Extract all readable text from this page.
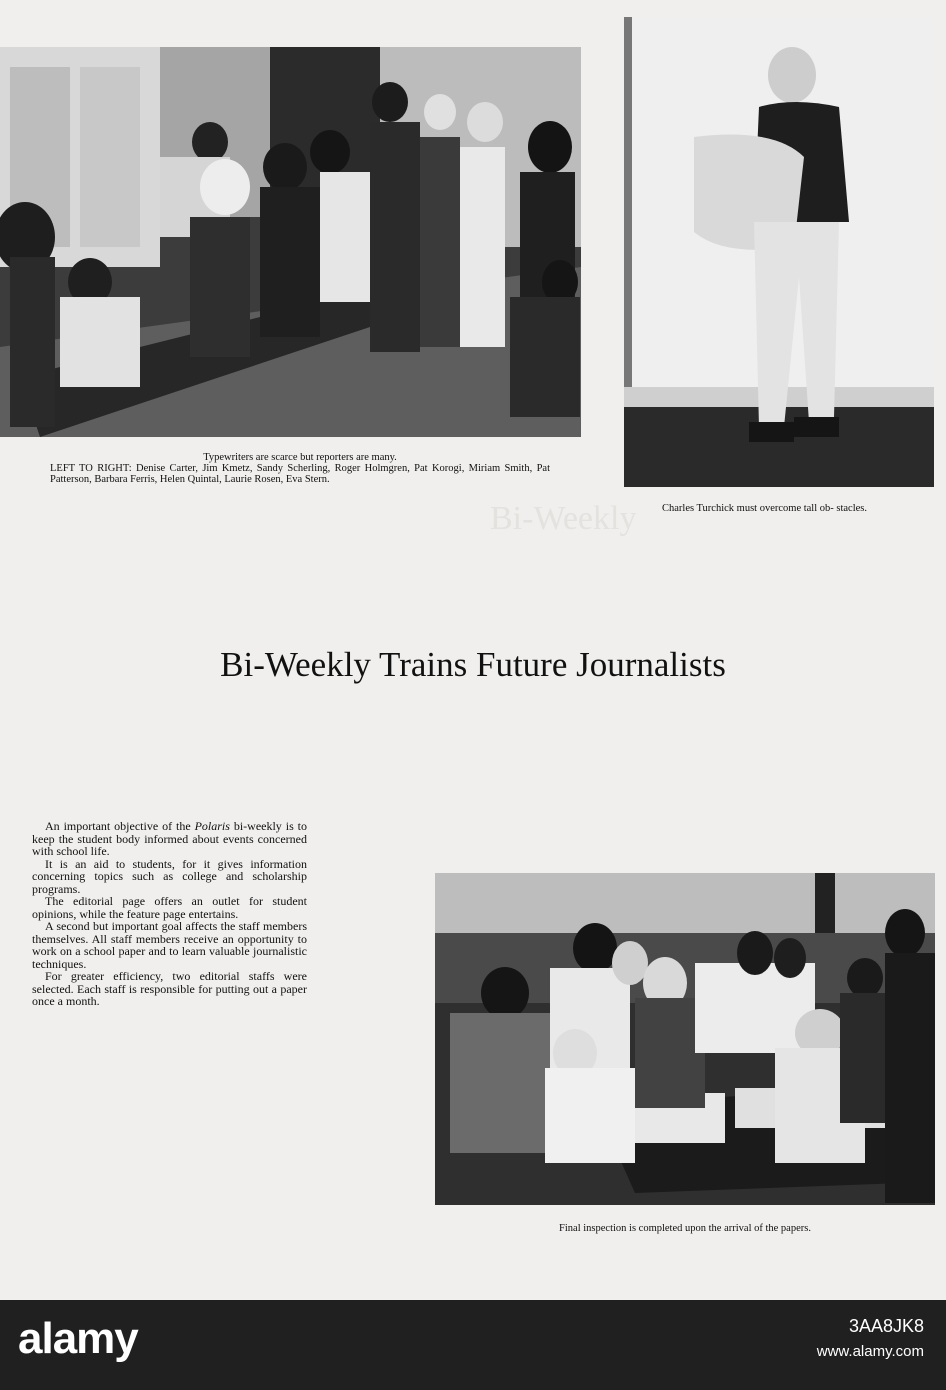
Bi-Weekly
Typewriters are scarce but reporters are many.
LEFT TO RIGHT: Denise Carter, Jim Kmetz, Sandy Scherling, Roger Holmgren, Pat Korogi, Miriam Smith, Pat Patterson, Barbara Ferris, Helen Quintal, Laurie Rosen, Eva Stern.
Charles Turchick must overcome tall ob- stacles.
Bi-Weekly Trains Future Journalists

An important objective of the Polaris bi-weekly is to keep the student body informed about events concerned with school life.

It is an aid to students, for it gives information concerning topics such as college and scholarship programs.

The editorial page offers an outlet for student opinions, while the feature page entertains.

A second but important goal affects the staff members themselves. All staff members receive an opportunity to work on a school paper and to learn valuable journalistic techniques.

For greater efficiency, two editorial staffs were selected. Each staff is responsible for putting out a paper once a month.

Final inspection is completed upon the arrival of the papers.
alamy	3AA8JK8
www.alamy.com
